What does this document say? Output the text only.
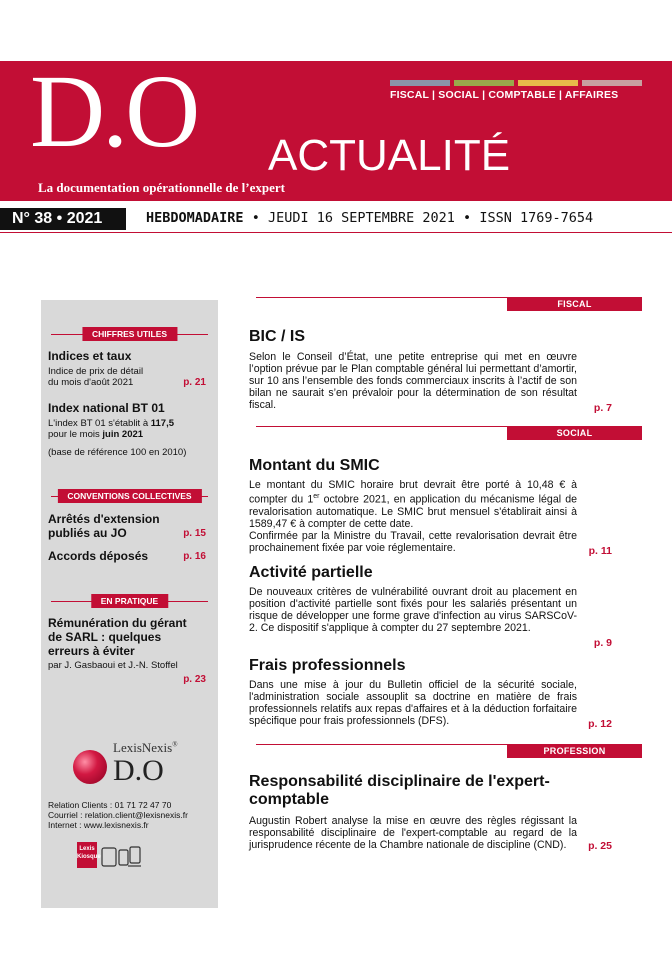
FISCAL | SOCIAL | COMPTABLE | AFFAIRES
D.O ACTUALITÉ
La documentation opérationnelle de l’expert
N° 38 • 2021	HEBDOMADAIRE • JEUDI 16 SEPTEMBRE 2021 • ISSN 1769-7654
CHIFFRES UTILES
Indices et taux
Indice de prix de détail
du mois d'août 2021	p. 21
Index national BT 01
L'index BT 01 s'établit à 117,5
pour le mois juin 2021
(base de référence 100 en 2010)
CONVENTIONS COLLECTIVES
Arrêtés d'extension
publiés au JO	p. 15
Accords déposés	p. 16
EN PRATIQUE
Rémunération du gérant
de SARL : quelques
erreurs à éviter
par J. Gasbaoui et J.-N. Stoffel
p. 23
LexisNexis®
D.O
Relation Clients : 01 71 72 47 70
Courriel : relation.client@lexisnexis.fr
Internet : www.lexisnexis.fr
Lexis
Kiosque
FISCAL
BIC / IS
Selon le Conseil d’État, une petite entreprise qui met en œuvre l’option prévue par le Plan comptable général lui permettant d’amortir, sur 10 ans l’ensemble des fonds commerciaux inscrits à l’actif de son bilan ne saurait s’en prévaloir pour la détermination de son résultat fiscal.	p. 7
SOCIAL
Montant du SMIC
Le montant du SMIC horaire brut devrait être porté à 10,48 € à compter du 1er octobre 2021, en application du mécanisme légal de revalorisation automatique. Le SMIC brut mensuel s'établirait ainsi à 1589,47 € à compter de cette date.
Confirmée par la Ministre du Travail, cette revalorisation devrait être prochainement fixée par voie réglementaire.	p. 11
Activité partielle
De nouveaux critères de vulnérabilité ouvrant droit au placement en position d'activité partielle sont fixés pour les salariés présentant un risque de développer une forme grave d'infection au virus SARSCoV-2. Ce dispositif s'applique à compter du 27 septembre 2021.
p. 9
Frais professionnels
Dans une mise à jour du Bulletin officiel de la sécurité sociale, l'administration sociale assouplit sa doctrine en matière de frais professionnels relatifs aux repas d'affaires et à la déduction forfaitaire spécifique pour frais professionnels (DFS).	p. 12
PROFESSION
Responsabilité disciplinaire de l'expert-comptable
Augustin Robert analyse la mise en œuvre des règles régissant la responsabilité disciplinaire de l'expert-comptable au regard de la jurisprudence récente de la Chambre nationale de discipline (CND).	p. 25
